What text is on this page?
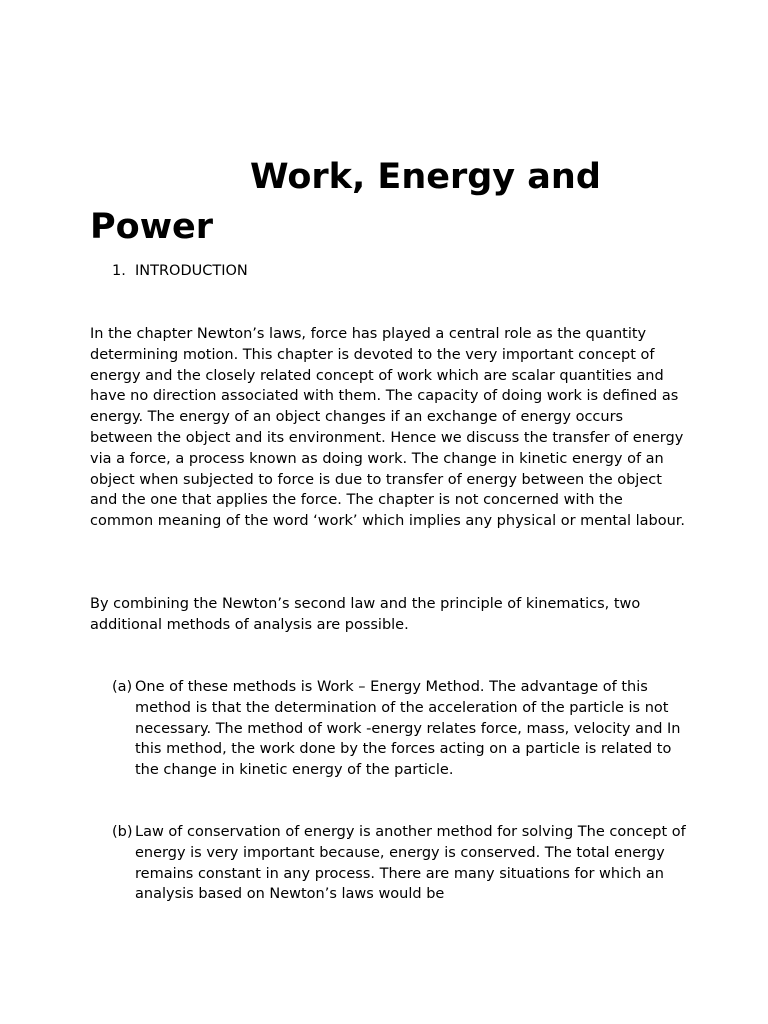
Work, Energy and Power
1. INTRODUCTION

In the chapter Newton’s laws, force has played a central role as the quantity determining motion. This chapter is devoted to the very important concept of energy and the closely related concept of work which are scalar quantities and have no direction associated with them. The capacity of doing work is defined as energy. The energy of an object changes if an exchange of energy occurs between the object and its environment. Hence we discuss the transfer of energy via a force, a process known as doing work. The change in kinetic energy of an object when subjected to force is due to transfer of energy between the object and the one that applies the force. The chapter is not concerned with the common meaning of the word ‘work’ which implies any physical or mental labour.

By combining the Newton’s second law and the principle of kinematics, two additional methods of analysis are possible.

(a) One of these methods is Work – Energy Method. The advantage of this method is that the determination of the acceleration of the particle is not necessary. The method of work -energy relates force, mass, velocity and In this method, the work done by the forces acting on a particle is related to the change in kinetic energy of the particle.
(b) Law of conservation of energy is another method for solving The concept of energy is very important because, energy is conserved. The total energy remains constant in any process. There are many situations for which an analysis based on Newton’s laws would be
